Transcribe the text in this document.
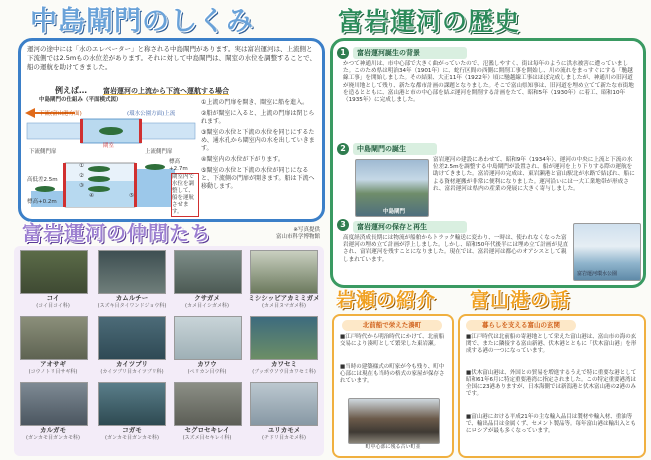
中島閘門のしくみ
運河の途中には「水のエレベーター」と称される中島閘門があります。実は富岩運河は、上流側と下流側では2.5mもの水位差があります。それに対して中島閘門は、閘室の水位を調整することで、船の運航を助けてきました。
例えば… 富岩運河の上流から下流へ運航する場合
中島閘門の仕組み（平面模式図）
下流(富山港方面)	(環水公園方面)上流
閘室
下流側門扉	上流側門扉
標高+2.7m
高低差2.5m
標高+0.2m
①
②
③
④	⑤
閘室内で水位を調整して、船を運航させます。
①上流の門扉を開き、閘室に船を進入。
②船が閘室に入ると、上流の門扉は閉じられます。
③閘室の水位と下流の水位を同じにするため、通水孔から閘室内の水を出していきます。
④閘室内の水位が下がります。
⑤閘室の水位と下流の水位が同じになると、下流側の門扉が開きます。船は下流へ移動します。
富岩運河の仲間たち	※写真提供
富山市科学博物館
コイ
(コイ目コイ科)
カムルチー
(スズキ目タイワンドジョウ科)
クサガメ
(カメ目イシガメ科)
ミシシッピアカミミガメ
(カメ目ヌマガメ科)
アオサギ
(コウノトリ目サギ科)
カイツブリ
(カイツブリ目カイツブリ科)
カワウ
(ペリカン目ウ科)
カワセミ
(ブッポウソウ目カワセミ科)
カルガモ
(ガンカモ目ガンカモ科)
コガモ
(ガンカモ目ガンカモ科)
セグロセキレイ
(スズメ目セキレイ科)
ユリカモメ
(チドリ目カモメ科)
富岩運河の歴史
1	富岩運河誕生の背景
かつて神通川は、市中心部で大きく曲がっていたので、氾濫しやすく、街は毎年のように洪水被害に遭っていました。このため県は明治34年（1901年）に、蛇行区間の西側に開削工事を開始し、川の流れをまっすぐにする「馳越線工事」を開始しました。その結果、大正11年（1922年）頃に馳越線工事はほぼ完成しましたが、神通川の旧河道が廃川地として残り、新たな都市計画の課題となりました。そこで富山県知事は、旧河道を埋め立てて新たな市街地を造るとともに、富山港と市の中心部を結ぶ運河を開削する計画をたて、昭和5年（1930年）に着工、昭和10年（1935年）に完成しました。
2	中島閘門の誕生
中島閘門
富岩運河の建設にあわせて、昭和9年（1934年）、運河の中央に上流と下流の水位差2.5mを調整する中島閘門が設置され、船が運河を上り下りする際の運航を助けてきました。富岩運河の完成は、東岩瀬港と富山駅北が水路で結ばれ、船による資材運搬が非常に便利になりました。運河沿いには一大工業地帯が形成され、富岩運河は県内の産業の発展に大きく寄与しました。
3	富岩運河の保存と再生
高度経済成長期には物流が船舶からトラック輸送に変わり、一時は、使われなくなった富岩運河の埋め立て計画が浮上しました。しかし、昭和50年代後半には埋め立て計画が見直され、富岩運河を残すことになりました。現在では、富岩運河は都心のオアシスとして親しまれています。
富岩運河環水公園
岩瀬の紹介 富山港の話
北前船で栄えた湊町
■江戸時代から明治時代にかけて、北前船交易により湊町として繁栄した東岩瀬。
■当時の建築様式の町家が今も残り、町中心部には現在も当時の格式の家屋が保存されています。
町中心部に残る古い町並
暮らしを支える富山の玄関
■江戸時代は北前船の寄港地として栄えた富山港は、富山市の海の玄関で、またに隣接する富山新港、伏木港とともに「伏木富山港」を形成する港の一つになっています。
■伏木富山港は、外国との貿易を増進するうえで特に重要な港として昭和61年6月に特定重要港湾に指定されました。この特定重要港湾は全国に23港ありますが、日本海側では新潟港と伏木富山港の2港のみです。
■富山港における平成21年の主な輸入品目は製材や輸入材、重油等で、輸出品目は金属くず、セメント製品等。毎年富山港は輸出入ともにロシアが最も多くなっています。
